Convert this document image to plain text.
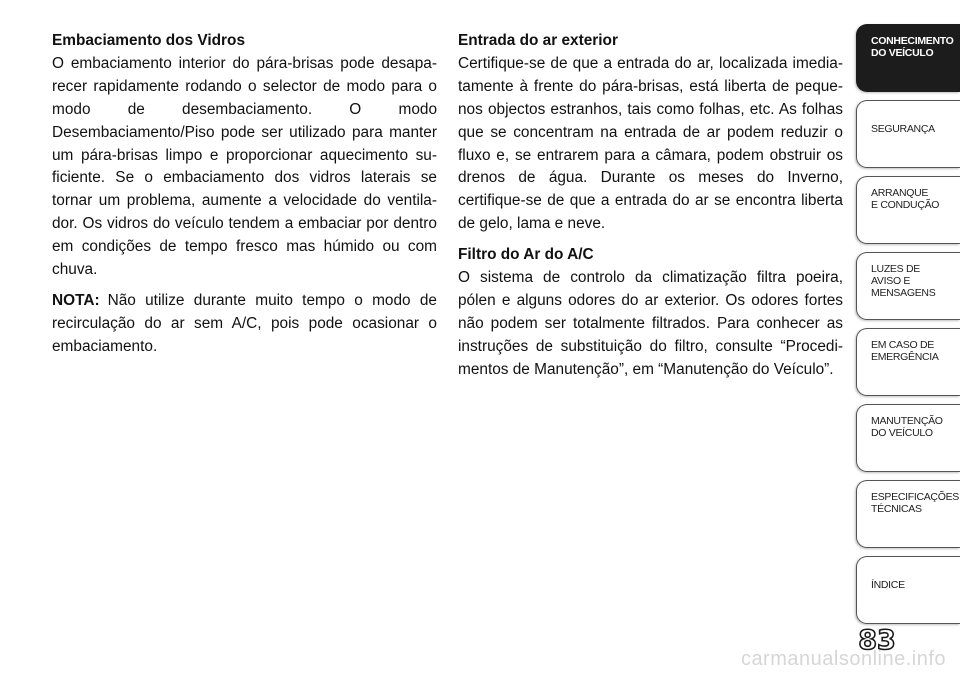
Embaciamento dos Vidros

O embaciamento interior do pára-brisas pode desapa-recer rapidamente rodando o selector de modo para o modo de desembaciamento. O modo Desembaciamento/Piso pode ser utilizado para manter um pára-brisas limpo e proporcionar aquecimento su-ficiente. Se o embaciamento dos vidros laterais se tornar um problema, aumente a velocidade do ventila-dor. Os vidros do veículo tendem a embaciar por dentro em condições de tempo fresco mas húmido ou com chuva.

NOTA: Não utilize durante muito tempo o modo de recirculação do ar sem A/C, pois pode ocasionar o embaciamento.

Entrada do ar exterior

Certifique-se de que a entrada do ar, localizada imedia-tamente à frente do pára-brisas, está liberta de peque-nos objectos estranhos, tais como folhas, etc. As folhas que se concentram na entrada de ar podem reduzir o fluxo e, se entrarem para a câmara, podem obstruir os drenos de água. Durante os meses do Inverno, certifique-se de que a entrada do ar se encontra liberta de gelo, lama e neve.

Filtro do Ar do A/C

O sistema de controlo da climatização filtra poeira, pólen e alguns odores do ar exterior. Os odores fortes não podem ser totalmente filtrados. Para conhecer as instruções de substituição do filtro, consulte “Procedi-mentos de Manutenção”, em “Manutenção do Veículo”.

CONHECIMENTO
DO VEÍCULO
SEGURANÇA
ARRANQUE
E CONDUÇÃO
LUZES DE
AVISO E
MENSAGENS
EM CASO DE
EMERGÊNCIA
MANUTENÇÃO
DO VEÍCULO
ESPECIFICAÇÕES
TÉCNICAS
ÍNDICE
83
carmanualsonline.info
